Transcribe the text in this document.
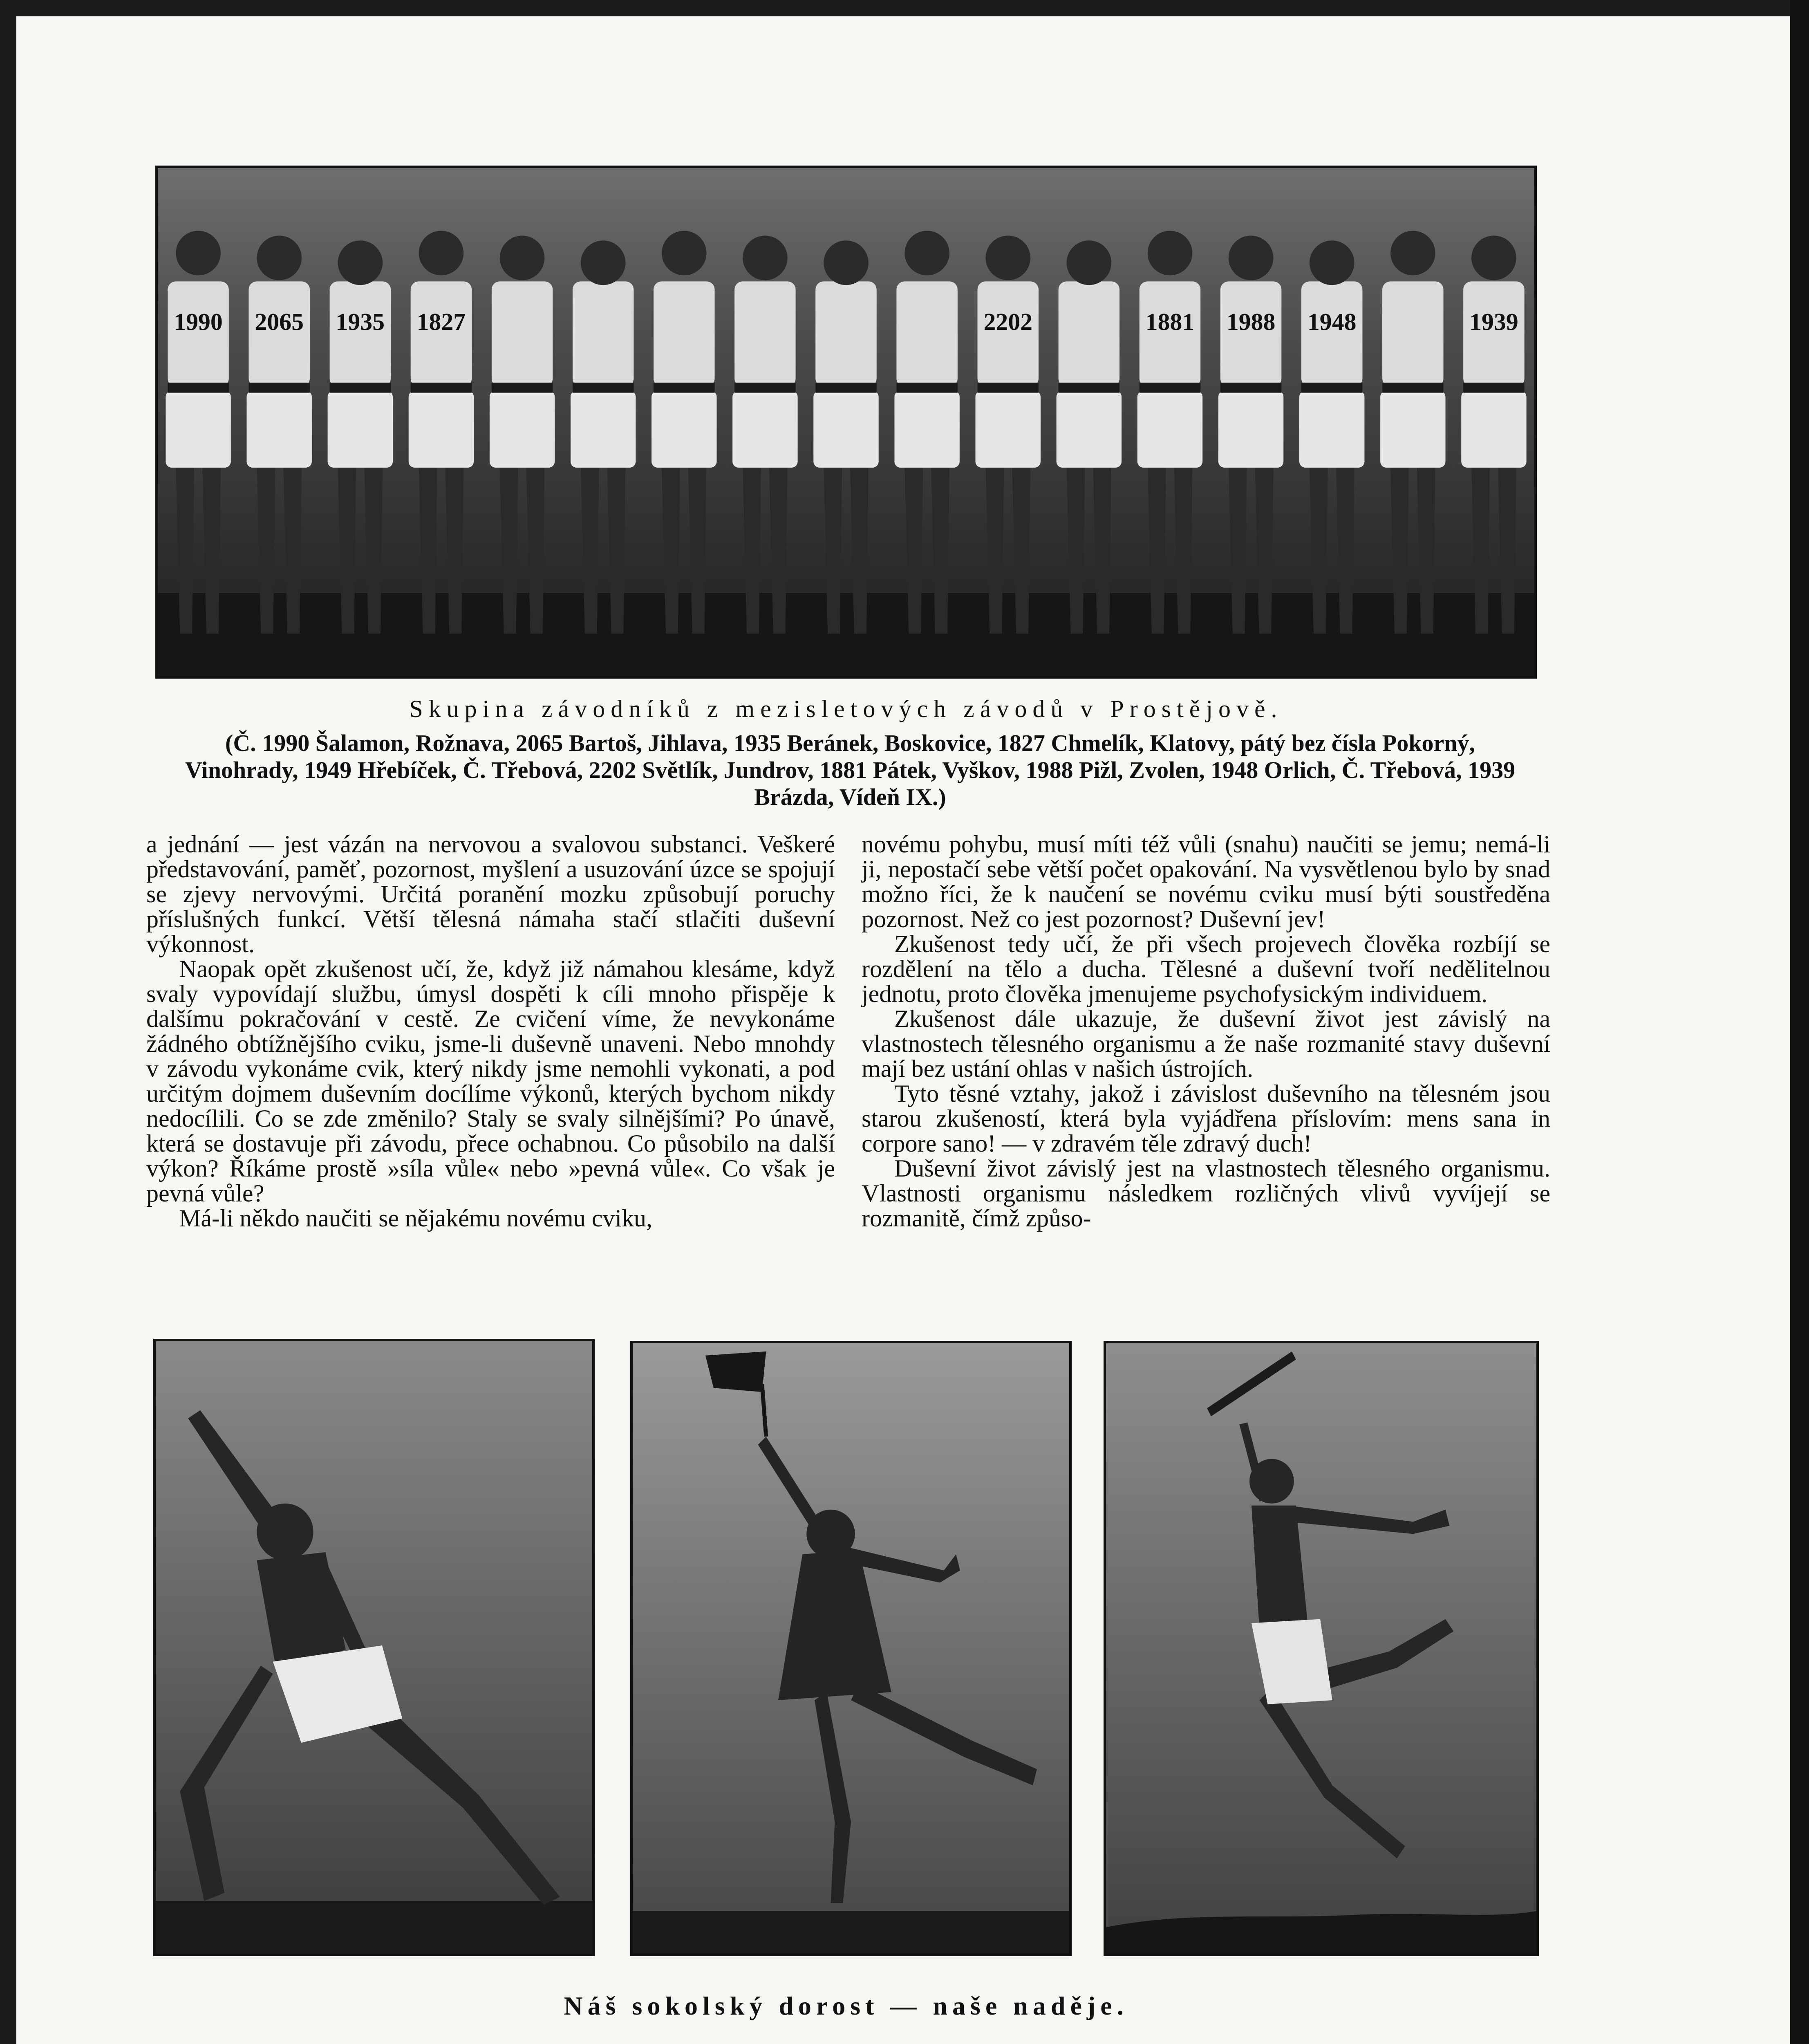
1990 2065 1935 1827	2202	1881 1988 1948	1939
Skupina závodníků z mezisletových závodů v Prostějově.
(Č. 1990 Šalamon, Rožnava, 2065 Bartoš, Jihlava, 1935 Beránek, Boskovice, 1827 Chmelík, Klatovy, pátý bez čísla Pokorný, Vinohrady, 1949 Hřebíček, Č. Třebová, 2202 Světlík, Jundrov, 1881 Pátek, Vyškov, 1988 Pižl, Zvolen, 1948 Orlich, Č. Třebová, 1939 Brázda, Vídeň IX.)

a jednání — jest vázán na nervovou a svalovou substanci. Veškeré představování, paměť, pozornost, myšlení a usuzování úzce se spojují se zjevy nervovými. Určitá poranění mozku způsobují poruchy příslušných funkcí. Větší tělesná námaha stačí stlačiti duševní výkonnost.

Naopak opět zkušenost učí, že, když již námahou klesáme, když svaly vypovídají službu, úmysl dospěti k cíli mnoho přispěje k dalšímu pokračování v cestě. Ze cvičení víme, že nevykonáme žádného obtížnějšího cviku, jsme-li duševně unaveni. Nebo mnohdy v závodu vykonáme cvik, který nikdy jsme nemohli vykonati, a pod určitým dojmem duševním docílíme výkonů, kterých bychom nikdy nedocílili. Co se zde změnilo? Staly se svaly silnějšími? Po únavě, která se dostavuje při závodu, přece ochabnou. Co působilo na další výkon? Říkáme prostě »síla vůle« nebo »pevná vůle«. Co však je pevná vůle?

Má-li někdo naučiti se nějakému novému cviku,

novému pohybu, musí míti též vůli (snahu) naučiti se jemu; nemá-li ji, nepostačí sebe větší počet opakování. Na vysvětlenou bylo by snad možno říci, že k naučení se novému cviku musí býti soustředěna pozornost. Než co jest pozornost? Duševní jev!

Zkušenost tedy učí, že při všech projevech člověka rozbíjí se rozdělení na tělo a ducha. Tělesné a duševní tvoří nedělitelnou jednotu, proto člověka jmenujeme psychofysickým individuem.

Zkušenost dále ukazuje, že duševní život jest závislý na vlastnostech tělesného organismu a že naše rozmanité stavy duševní mají bez ustání ohlas v našich ústrojích.

Tyto těsné vztahy, jakož i závislost duševního na tělesném jsou starou zkušeností, která byla vyjádřena příslovím: mens sana in corpore sano! — v zdravém těle zdravý duch!

Duševní život závislý jest na vlastnostech tělesného organismu. Vlastnosti organismu následkem rozličných vlivů vyvíjejí se rozmanitě, čímž způso-

Náš sokolský dorost — naše naděje.
